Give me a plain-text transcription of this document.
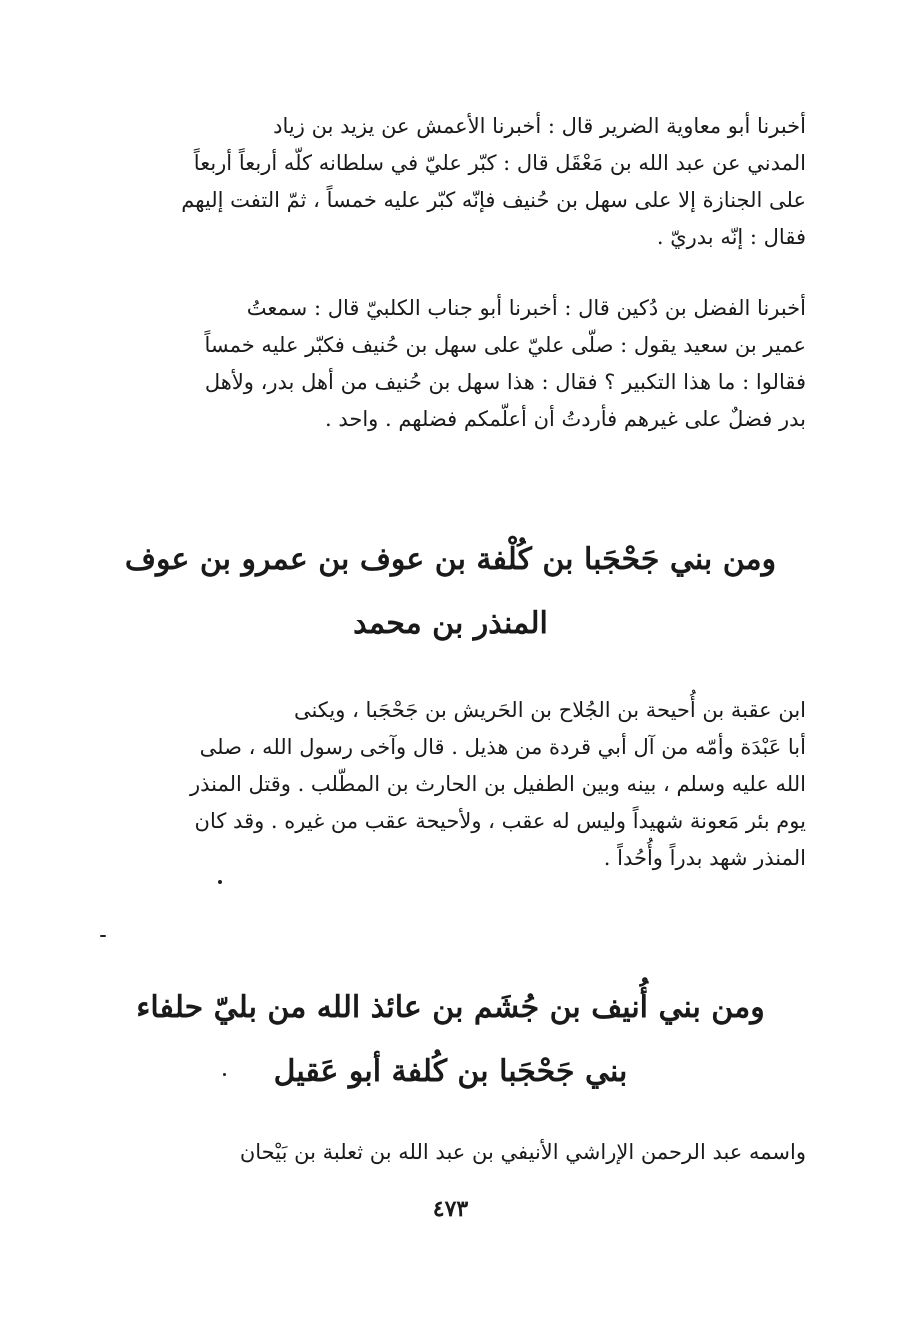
أخبرنا أبو معاوية الضرير قال : أخبرنا الأعمش عن يزيد بن زياد
المدني عن عبد الله بن مَعْقَل قال : كبّر عليّ في سلطانه كلّه أربعاً أربعاً
على الجنازة إلا على سهل بن حُنيف فإنّه كبّر عليه خمساً ، ثمّ التفت إليهم
فقال : إنّه بدريّ .
أخبرنا الفضل بن دُكين قال : أخبرنا أبو جناب الكلبيّ قال : سمعتُ
عمير بن سعيد يقول : صلّى عليّ على سهل بن حُنيف فكبّر عليه خمساً
فقالوا : ما هذا التكبير ؟ فقال : هذا سهل بن حُنيف من أهل بدر، ولأهل
بدر فضلٌ على غيرهم فأردتُ أن أعلّمكم فضلهم . واحد .
ومن بني جَحْجَبا بن كُلْفة بن عوف بن عمرو بن عوف
المنذر بن محمد
ابن عقبة بن أُحيحة بن الجُلاح بن الحَريش بن جَحْجَبا ، ويكنى
أبا عَبْدَة وأمّه من آل أبي قردة من هذيل . قال وآخى رسول الله ، صلى
الله عليه وسلم ، بينه وبين الطفيل بن الحارث بن المطّلب . وقتل المنذر
يوم بئر مَعونة شهيداً وليس له عقب ، ولأحيحة عقب من غيره . وقد كان
المنذر شهد بدراً وأُحُداً .
ومن بني أُنيف بن جُشَم بن عائذ الله من بليّ حلفاء
بني جَحْجَبا بن كُلفة أبو عَقيل
واسمه عبد الرحمن الإراشي الأنيفي بن عبد الله بن ثعلبة بن بَيْحان
٤٧٣
